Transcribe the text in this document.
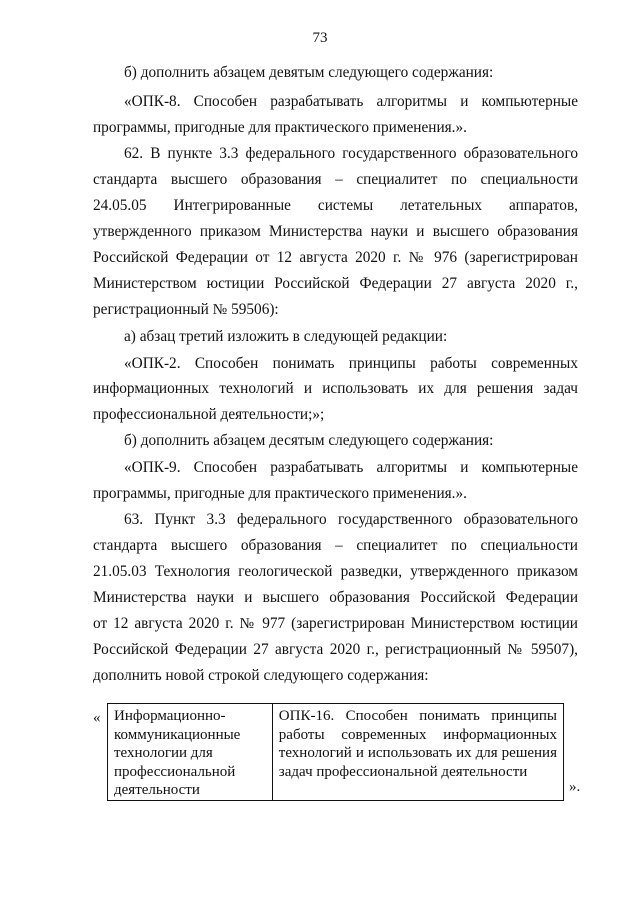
73
б) дополнить абзацем девятым следующего содержания:
«ОПК-8. Способен разрабатывать алгоритмы и компьютерные
программы, пригодные для практического применения.».
62. В пункте 3.3 федерального государственного образовательного
стандарта высшего образования – специалитет по специальности
24.05.05 Интегрированные системы летательных аппаратов,
утвержденного приказом Министерства науки и высшего образования
Российской Федерации от 12 августа 2020 г. № 976 (зарегистрирован
Министерством юстиции Российской Федерации 27 августа 2020 г.,
регистрационный № 59506):
а) абзац третий изложить в следующей редакции:
«ОПК-2. Способен понимать принципы работы современных
информационных технологий и использовать их для решения задач
профессиональной деятельности;»;
б) дополнить абзацем десятым следующего содержания:
«ОПК-9. Способен разрабатывать алгоритмы и компьютерные
программы, пригодные для практического применения.».
63. Пункт 3.3 федерального государственного образовательного
стандарта высшего образования – специалитет по специальности
21.05.03 Технология геологической разведки, утвержденного приказом
Министерства науки и высшего образования Российской Федерации
от 12 августа 2020 г. № 977 (зарегистрирован Министерством юстиции
Российской Федерации 27 августа 2020 г., регистрационный № 59507),
дополнить новой строкой следующего содержания:
« Информационно-коммуникационные технологии для профессиональной деятельности	ОПК-16. Способен понимать принципы работы современных информационных технологий и использовать их для решения задач профессиональной деятельности
».
